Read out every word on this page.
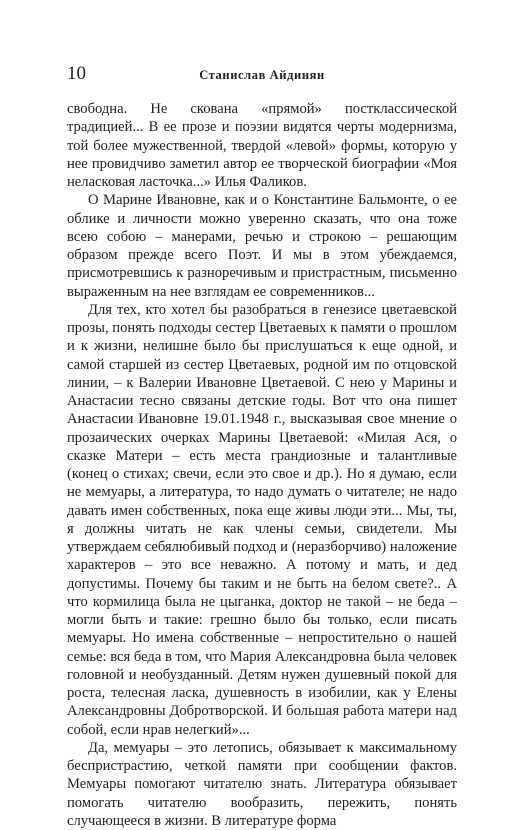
10	Станислав Айдинян

свободна. Не скована «прямой» постклассической традицией... В ее прозе и поэзии видятся черты модернизма, той более мужественной, твердой «левой» формы, которую у нее провидчиво заметил автор ее творческой биографии «Моя неласковая ласточка...» Илья Фаликов.

О Марине Ивановне, как и о Константине Бальмонте, о ее облике и личности можно уверенно сказать, что она тоже всею собою – манерами, речью и строкою – решающим образом прежде всего Поэт. И мы в этом убеждаемся, присмотревшись к разноречивым и пристрастным, письменно выраженным на нее взглядам ее современников...

Для тех, кто хотел бы разобраться в генезисе цветаевской прозы, понять подходы сестер Цветаевых к памяти о прошлом и к жизни, нелишне было бы прислушаться к еще одной, и самой старшей из сестер Цветаевых, родной им по отцовской линии, – к Валерии Ивановне Цветаевой. С нею у Марины и Анастасии тесно связаны детские годы. Вот что она пишет Анастасии Ивановне 19.01.1948 г., высказывая свое мнение о прозаических очерках Марины Цветаевой: «Милая Ася, о сказке Матери – есть места грандиозные и талантливые (конец о стихах; свечи, если это свое и др.). Но я думаю, если не мемуары, а литература, то надо думать о читателе; не надо давать имен собственных, пока еще живы люди эти... Мы, ты, я должны читать не как члены семьи, свидетели. Мы утверждаем себялюбивый подход и (неразборчиво) наложение характеров – это все неважно. А потому и мать, и дед допустимы. Почему бы таким и не быть на белом свете?.. А что кормилица была не цыганка, доктор не такой – не беда – могли быть и такие: грешно было бы только, если писать мемуары. Но имена собственные – непростительно о нашей семье: вся беда в том, что Мария Александровна была человек головной и необузданный. Детям нужен душевный покой для роста, телесная ласка, душевность в изобилии, как у Елены Александровны Добротворской. И большая работа матери над собой, если нрав нелегкий»...

Да, мемуары – это летопись, обязывает к максимальному беспристрастию, четкой памяти при сообщении фактов. Мемуары помогают читателю знать. Литература обязывает помогать читателю вообразить, пережить, понять случающееся в жизни. В литературе форма
